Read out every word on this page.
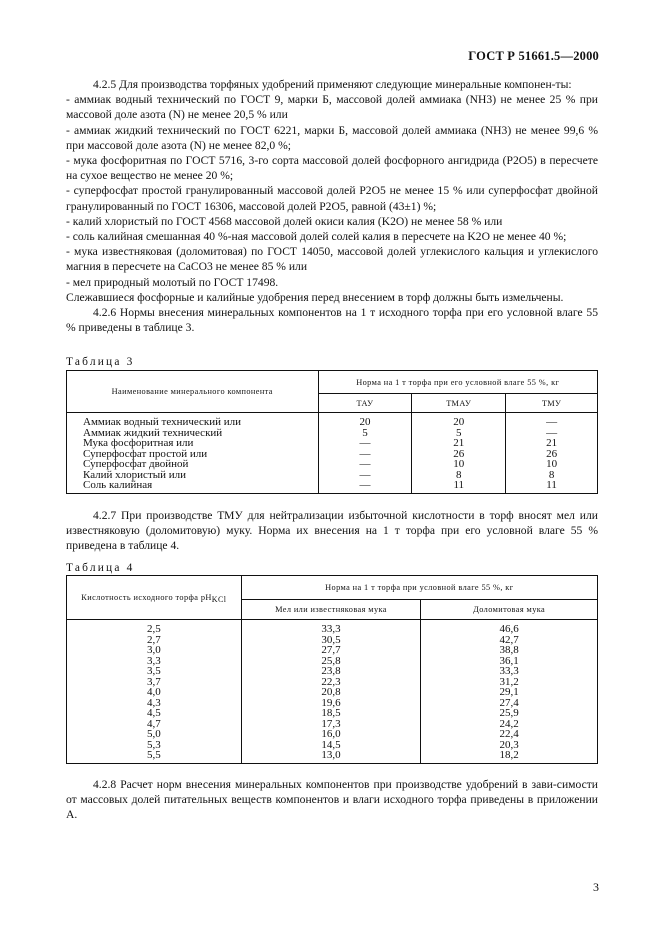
ГОСТ Р 51661.5—2000

4.2.5 Для производства торфяных удобрений применяют следующие минеральные компонен-ты:

- аммиак водный технический по ГОСТ 9, марки Б, массовой долей аммиака (NH3) не менее 25 % при массовой доле азота (N) не менее 20,5 % или

- аммиак жидкий технический по ГОСТ 6221, марки Б, массовой долей аммиака (NH3) не менее 99,6 % при массовой доле азота (N) не менее 82,0 %;

- мука фосфоритная по ГОСТ 5716, 3-го сорта массовой долей фосфорного ангидрида (P2O5) в пересчете на сухое вещество не менее 20 %;

- суперфосфат простой гранулированный массовой долей P2O5 не менее 15 % или суперфосфат двойной гранулированный по ГОСТ 16306, массовой долей P2O5, равной (43±1) %;

- калий хлористый по ГОСТ 4568 массовой долей окиси калия (K2O) не менее 58 % или

- соль калийная смешанная 40 %-ная массовой долей солей калия в пересчете на K2O не менее 40 %;

- мука известняковая (доломитовая) по ГОСТ 14050, массовой долей углекислого кальция и углекислого магния в пересчете на CaCO3 не менее 85 % или

- мел природный молотый по ГОСТ 17498.

Слежавшиеся фосфорные и калийные удобрения перед внесением в торф должны быть измельчены.

4.2.6 Нормы внесения минеральных компонентов на 1 т исходного торфа при его условной влаге 55 % приведены в таблице 3.

Таблица 3
Наименование минерального компонента	Норма на 1 т торфа при его условной влаге 55 %, кг		
	ТАУ	ТМАУ	ТМУ
Аммиак водный технический или	20	20	—
Аммиак жидкий технический	5	5	—
Мука фосфоритная или	—	21	21
Суперфосфат простой или	—	26	26
Суперфосфат двойной	—	10	10
Калий хлористый или	—	8	8
Соль калийная	—	11	11

4.2.7 При производстве ТМУ для нейтрализации избыточной кислотности в торф вносят мел или известняковую (доломитовую) муку. Норма их внесения на 1 т торфа при его условной влаге 55 % приведена в таблице 4.

Таблица 4
Кислотность исходного торфа $pH_{KCl}$	Норма на 1 т торфа при условной влаге 55 %, кг	
	Мел или известняковая мука	Доломитовая мука
2,5	33,3	46,6
2,7	30,5	42,7
3,0	27,7	38,8
3,3	25,8	36,1
3,5	23,8	33,3
3,7	22,3	31,2
4,0	20,8	29,1
4,3	19,6	27,4
4,5	18,5	25,9
4,7	17,3	24,2
5,0	16,0	22,4
5,3	14,5	20,3
5,5	13,0	18,2

4.2.8 Расчет норм внесения минеральных компонентов при производстве удобрений в зави-симости от массовых долей питательных веществ компонентов и влаги исходного торфа приведены в приложении А.

3
